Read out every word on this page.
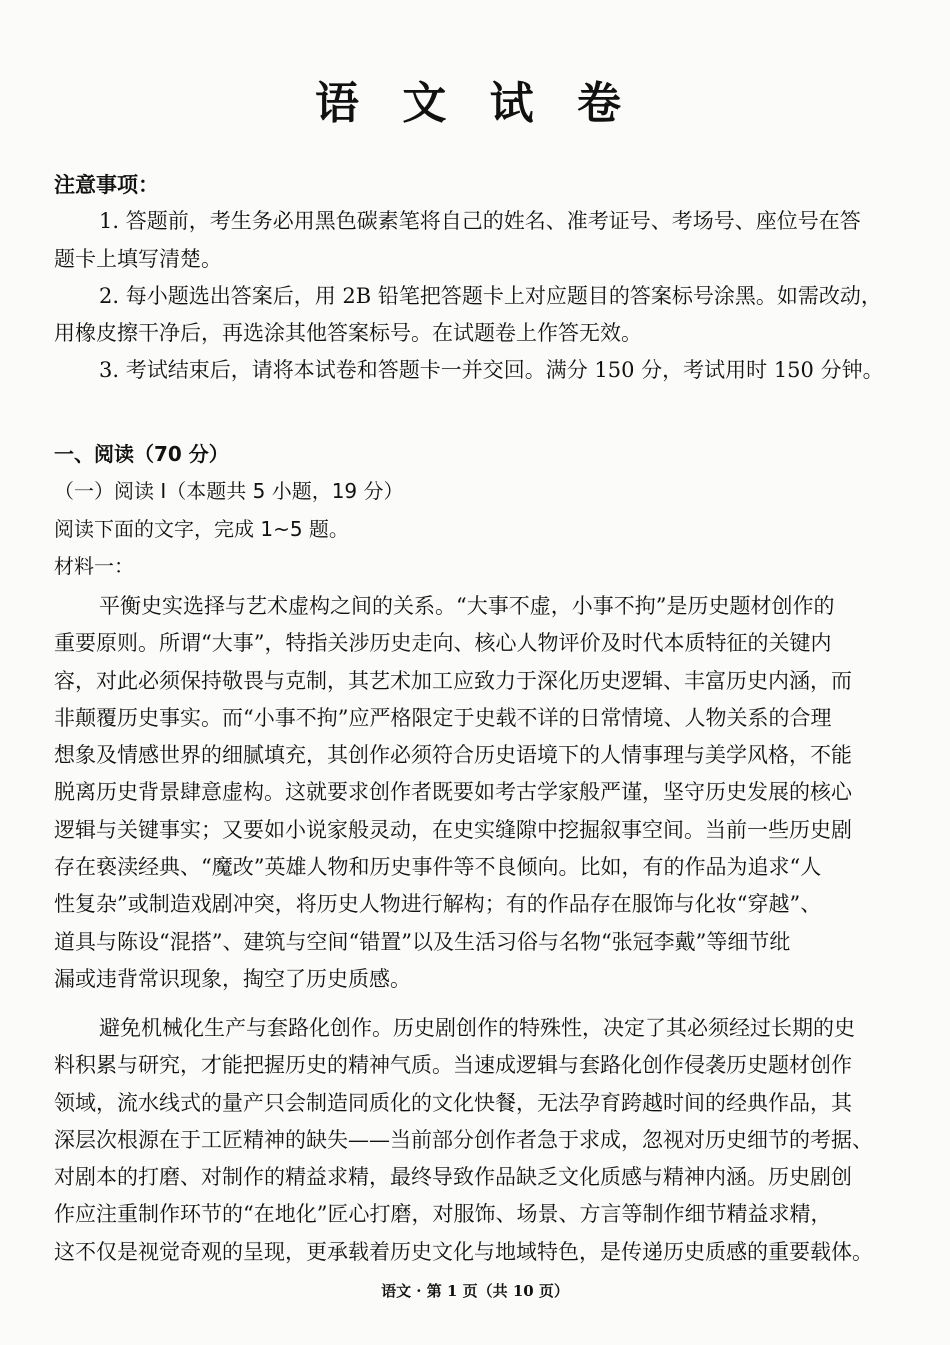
语 文 试 卷
注意事项：
1. 答题前，考生务必用黑色碳素笔将自己的姓名、准考证号、考场号、座位号在答
题卡上填写清楚。
2. 每小题选出答案后，用 2B 铅笔把答题卡上对应题目的答案标号涂黑。如需改动，
用橡皮擦干净后，再选涂其他答案标号。在试题卷上作答无效。
3. 考试结束后，请将本试卷和答题卡一并交回。满分 150 分，考试用时 150 分钟。
一、阅读（70 分）
（一）阅读 I（本题共 5 小题，19 分）
阅读下面的文字，完成 1~5 题。
材料一：
平衡史实选择与艺术虚构之间的关系。“大事不虚，小事不拘”是历史题材创作的
重要原则。所谓“大事”，特指关涉历史走向、核心人物评价及时代本质特征的关键内
容，对此必须保持敬畏与克制，其艺术加工应致力于深化历史逻辑、丰富历史内涵，而
非颠覆历史事实。而“小事不拘”应严格限定于史载不详的日常情境、人物关系的合理
想象及情感世界的细腻填充，其创作必须符合历史语境下的人情事理与美学风格，不能
脱离历史背景肆意虚构。这就要求创作者既要如考古学家般严谨，坚守历史发展的核心
逻辑与关键事实；又要如小说家般灵动，在史实缝隙中挖掘叙事空间。当前一些历史剧
存在亵渎经典、“魔改”英雄人物和历史事件等不良倾向。比如，有的作品为追求“人
性复杂”或制造戏剧冲突，将历史人物进行解构；有的作品存在服饰与化妆“穿越”、
道具与陈设“混搭”、建筑与空间“错置”以及生活习俗与名物“张冠李戴”等细节纰
漏或违背常识现象，掏空了历史质感。
避免机械化生产与套路化创作。历史剧创作的特殊性，决定了其必须经过长期的史
料积累与研究，才能把握历史的精神气质。当速成逻辑与套路化创作侵袭历史题材创作
领域，流水线式的量产只会制造同质化的文化快餐，无法孕育跨越时间的经典作品，其
深层次根源在于工匠精神的缺失——当前部分创作者急于求成，忽视对历史细节的考据、
对剧本的打磨、对制作的精益求精，最终导致作品缺乏文化质感与精神内涵。历史剧创
作应注重制作环节的“在地化”匠心打磨，对服饰、场景、方言等制作细节精益求精，
这不仅是视觉奇观的呈现，更承载着历史文化与地域特色，是传递历史质感的重要载体。
语文 · 第 1 页（共 10 页）
